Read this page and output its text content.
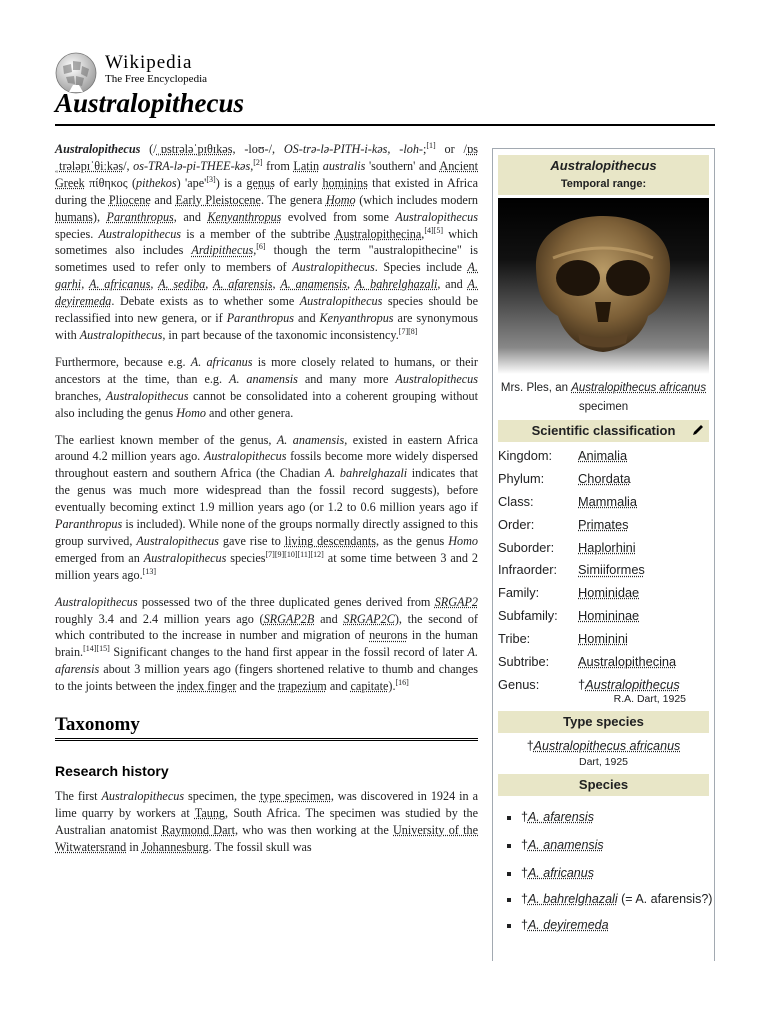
Wikipedia
The Free Encyclopedia
Australopithecus

Australopithecus (/ˌɒstrələˈpɪθɪkəs, -loʊ-/, OS-trə-lə-PITH-i-kəs, -loh-;[1] or /ɒsˌtrələpɪˈθiːkəs/, os-TRA-lə-pi-THEE-kəs,[2] from Latin australis 'southern' and Ancient Greek πίθηκος (pithekos) 'ape'[3]) is a genus of early hominins that existed in Africa during the Pliocene and Early Pleistocene. The genera Homo (which includes modern humans), Paranthropus, and Kenyanthropus evolved from some Australopithecus species. Australopithecus is a member of the subtribe Australopithecina,[4][5] which sometimes also includes Ardipithecus,[6] though the term "australopithecine" is sometimes used to refer only to members of Australopithecus. Species include A. garhi, A. africanus, A. sediba, A. afarensis, A. anamensis, A. bahrelghazali, and A. deyiremeda. Debate exists as to whether some Australopithecus species should be reclassified into new genera, or if Paranthropus and Kenyanthropus are synonymous with Australopithecus, in part because of the taxonomic inconsistency.[7][8]

Furthermore, because e.g. A. africanus is more closely related to humans, or their ancestors at the time, than e.g. A. anamensis and many more Australopithecus branches, Australopithecus cannot be consolidated into a coherent grouping without also including the genus Homo and other genera.

The earliest known member of the genus, A. anamensis, existed in eastern Africa around 4.2 million years ago. Australopithecus fossils become more widely dispersed throughout eastern and southern Africa (the Chadian A. bahrelghazali indicates that the genus was much more widespread than the fossil record suggests), before eventually becoming extinct 1.9 million years ago (or 1.2 to 0.6 million years ago if Paranthropus is included). While none of the groups normally directly assigned to this group survived, Australopithecus gave rise to living descendants, as the genus Homo emerged from an Australopithecus species[7][9][10][11][12] at some time between 3 and 2 million years ago.[13]

Australopithecus possessed two of the three duplicated genes derived from SRGAP2 roughly 3.4 and 2.4 million years ago (SRGAP2B and SRGAP2C), the second of which contributed to the increase in number and migration of neurons in the human brain.[14][15] Significant changes to the hand first appear in the fossil record of later A. afarensis about 3 million years ago (fingers shortened relative to thumb and changes to the joints between the index finger and the trapezium and capitate).[16]

Taxonomy
Research history

The first Australopithecus specimen, the type specimen, was discovered in 1924 in a lime quarry by workers at Taung, South Africa. The specimen was studied by the Australian anatomist Raymond Dart, who was then working at the University of the Witwatersrand in Johannesburg. The fossil skull was

Australopithecus
Temporal range:
Mrs. Ples, an Australopithecus africanus specimen
Scientific classification
Kingdom:	Animalia
Phylum:	Chordata
Class:	Mammalia
Order:	Primates
Suborder:	Haplorhini
Infraorder:	Simiiformes
Family:	Hominidae
Subfamily:	Homininae
Tribe:	Hominini
Subtribe:	Australopithecina
Genus:	†Australopithecus
R.A. Dart, 1925
Type species
†Australopithecus africanus
Dart, 1925
Species
▪ †A. afarensis
▪ †A. anamensis
▪ †A. africanus
▪ †A. bahrelghazali (= A. afarensis?)
▪ †A. deyiremeda
